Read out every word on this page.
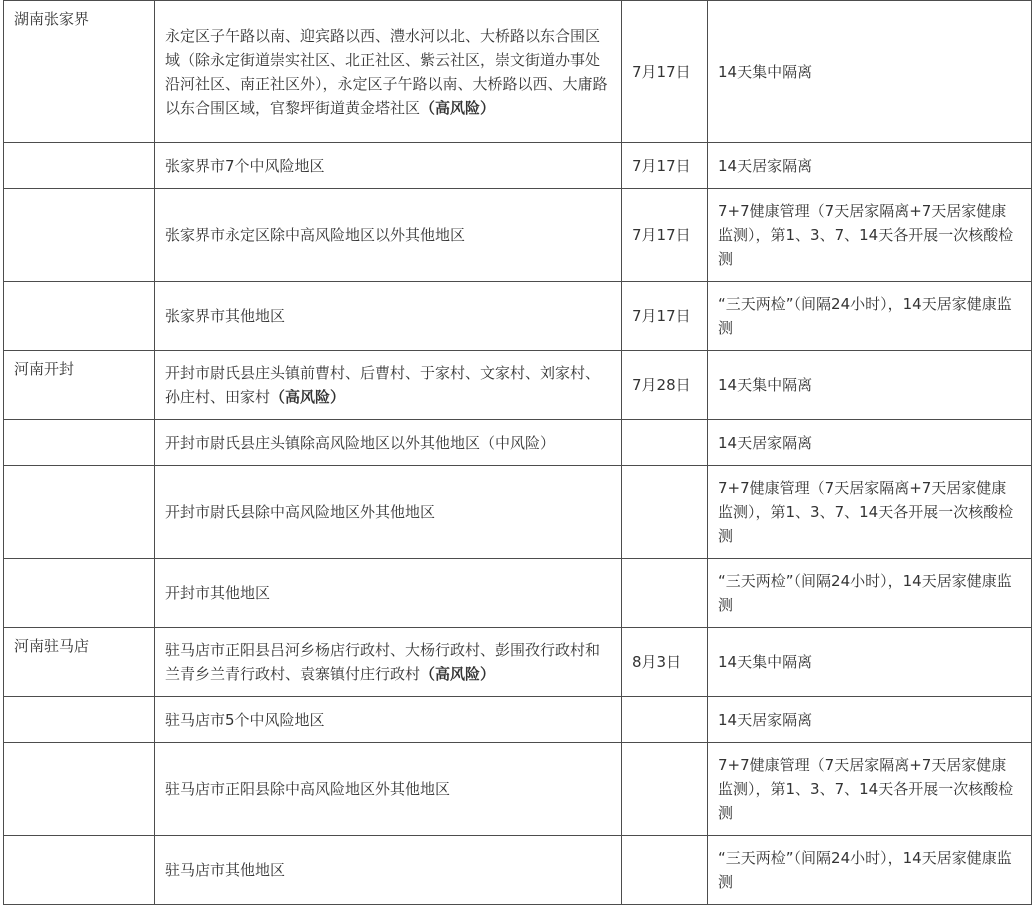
湖南张家界	永定区子午路以南、迎宾路以西、澧水河以北、大桥路以东合围区域（除永定街道崇实社区、北正社区、紫云社区，崇文街道办事处沿河社区、南正社区外），永定区子午路以南、大桥路以西、大庸路以东合围区域，官黎坪街道黄金塔社区（高风险）	7月17日	14天集中隔离
	张家界市7个中风险地区	7月17日	14天居家隔离
	张家界市永定区除中高风险地区以外其他地区	7月17日	7+7健康管理（7天居家隔离+7天居家健康监测），第1、3、7、14天各开展一次核酸检测
	张家界市其他地区	7月17日	“三天两检”（间隔24小时），14天居家健康监测
河南开封	开封市尉氏县庄头镇前曹村、后曹村、于家村、文家村、刘家村、孙庄村、田家村（高风险）	7月28日	14天集中隔离
	开封市尉氏县庄头镇除高风险地区以外其他地区（中风险）		14天居家隔离
	开封市尉氏县除中高风险地区外其他地区		7+7健康管理（7天居家隔离+7天居家健康监测），第1、3、7、14天各开展一次核酸检测
	开封市其他地区		“三天两检”（间隔24小时），14天居家健康监测
河南驻马店	驻马店市正阳县吕河乡杨店行政村、大杨行政村、彭围孜行政村和兰青乡兰青行政村、袁寨镇付庄行政村（高风险）	8月3日	14天集中隔离
	驻马店市5个中风险地区		14天居家隔离
	驻马店市正阳县除中高风险地区外其他地区		7+7健康管理（7天居家隔离+7天居家健康监测），第1、3、7、14天各开展一次核酸检测
	驻马店市其他地区		“三天两检”（间隔24小时），14天居家健康监测
